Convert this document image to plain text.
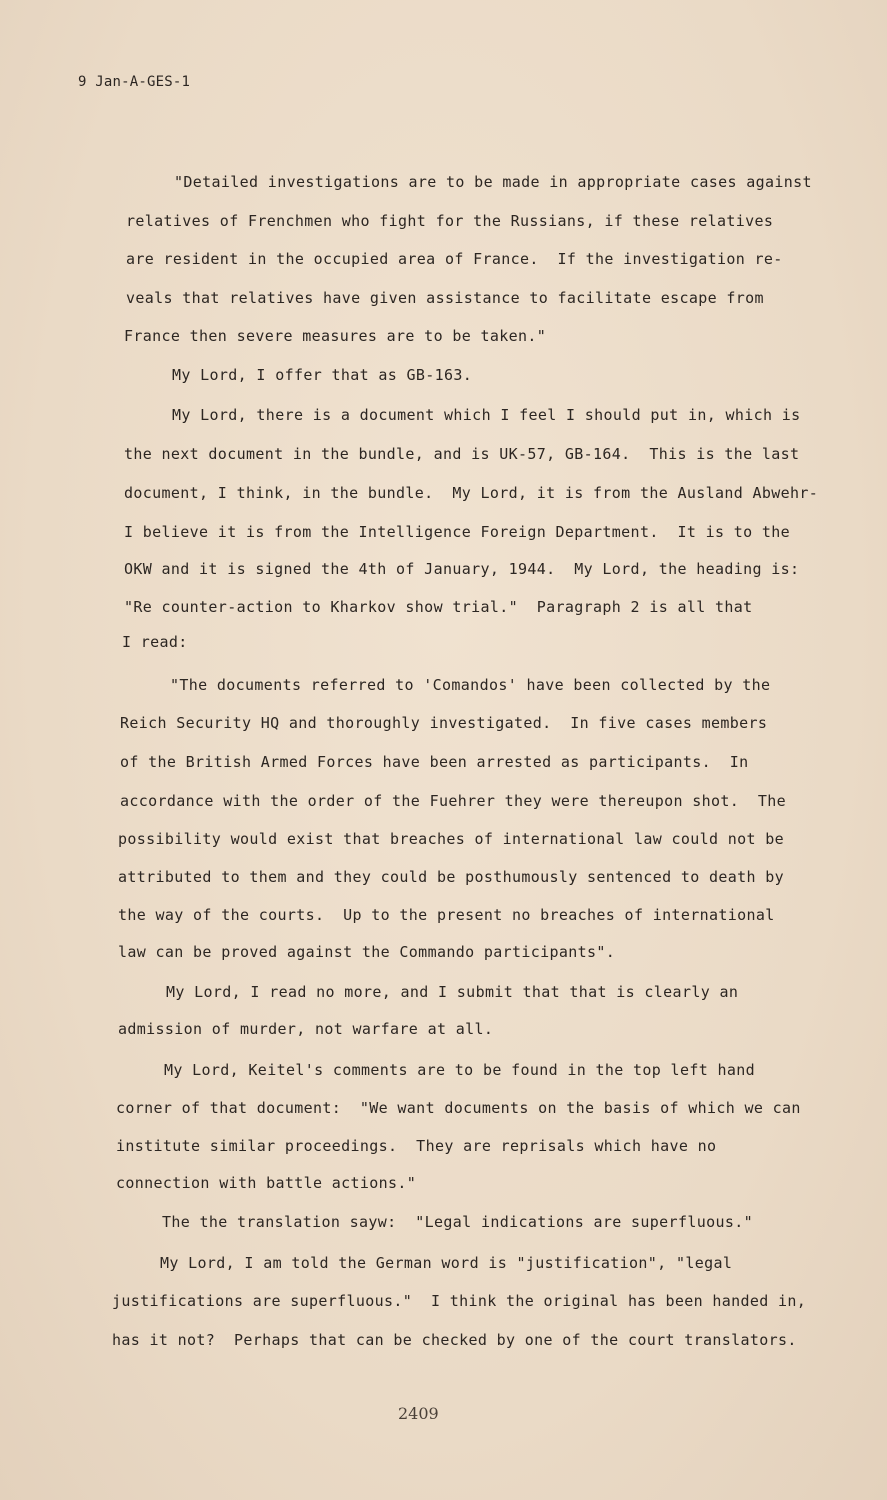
9 Jan-A-GES-1
"Detailed investigations are to be made in appropriate cases against
relatives of Frenchmen who fight for the Russians, if these relatives
are resident in the occupied area of France.  If the investigation re-
veals that relatives have given assistance to facilitate escape from
France then severe measures are to be taken."
My Lord, I offer that as GB-163.
My Lord, there is a document which I feel I should put in, which is
the next document in the bundle, and is UK-57, GB-164.  This is the last
document, I think, in the bundle.  My Lord, it is from the Ausland Abwehr-
I believe it is from the Intelligence Foreign Department.  It is to the
OKW and it is signed the 4th of January, 1944.  My Lord, the heading is:
"Re counter-action to Kharkov show trial."  Paragraph 2 is all that
I read:
"The documents referred to 'Comandos' have been collected by the
Reich Security HQ and thoroughly investigated.  In five cases members
of the British Armed Forces have been arrested as participants.  In
accordance with the order of the Fuehrer they were thereupon shot.  The
possibility would exist that breaches of international law could not be
attributed to them and they could be posthumously sentenced to death by
the way of the courts.  Up to the present no breaches of international
law can be proved against the Commando participants".
My Lord, I read no more, and I submit that that is clearly an
admission of murder, not warfare at all.
My Lord, Keitel's comments are to be found in the top left hand
corner of that document:  "We want documents on the basis of which we can
institute similar proceedings.  They are reprisals which have no
connection with battle actions."
The the translation sayw:  "Legal indications are superfluous."
My Lord, I am told the German word is "justification", "legal
justifications are superfluous."  I think the original has been handed in,
has it not?  Perhaps that can be checked by one of the court translators.
2409
